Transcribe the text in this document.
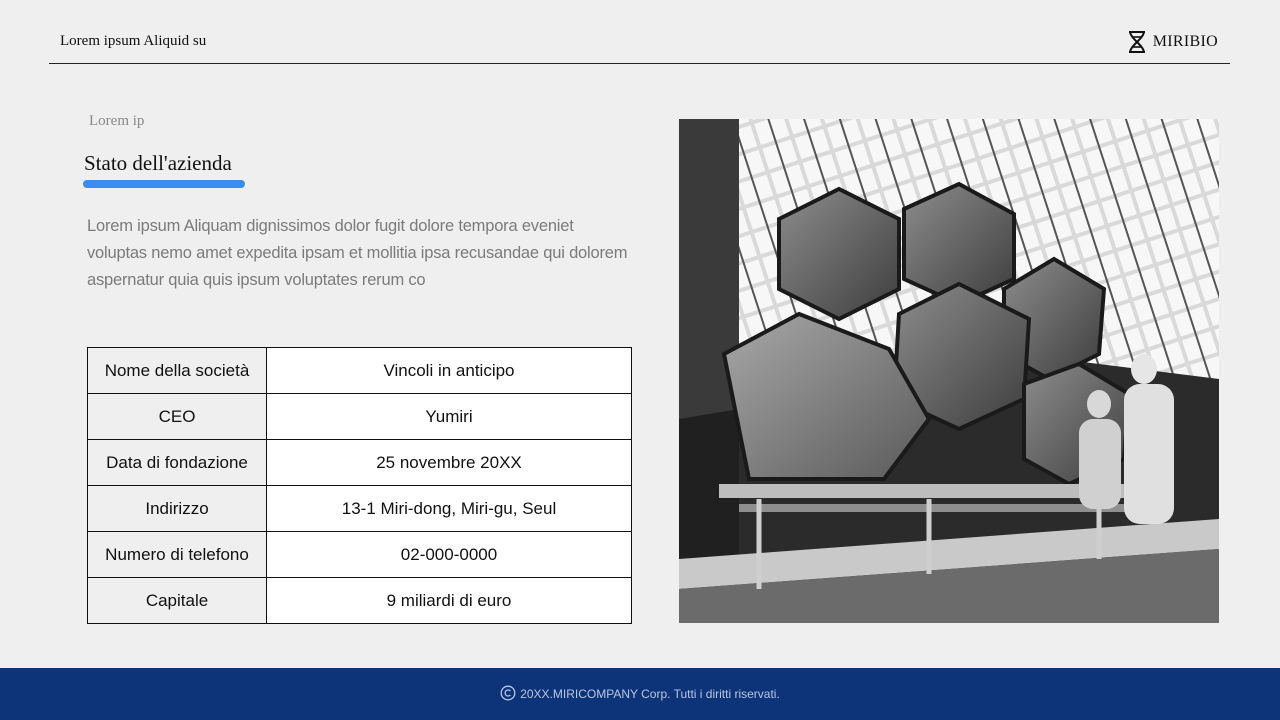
Lorem ipsum Aliquid su	MIRIBIO
Lorem ip
Stato dell'azienda
Lorem ipsum Aliquam dignissimos dolor fugit dolore tempora eveniet voluptas nemo amet expedita ipsam et mollitia ipsa recusandae qui dolorem aspernatur quia quis ipsum voluptates rerum co
Nome della società	Vincoli in anticipo
CEO	Yumiri
Data di fondazione	25 novembre 20XX
Indirizzo	13-1 Miri-dong, Miri-gu, Seul
Numero di telefono	02-000-0000
Capitale	9 miliardi di euro
20XX.MIRICOMPANY Corp. Tutti i diritti riservati.
